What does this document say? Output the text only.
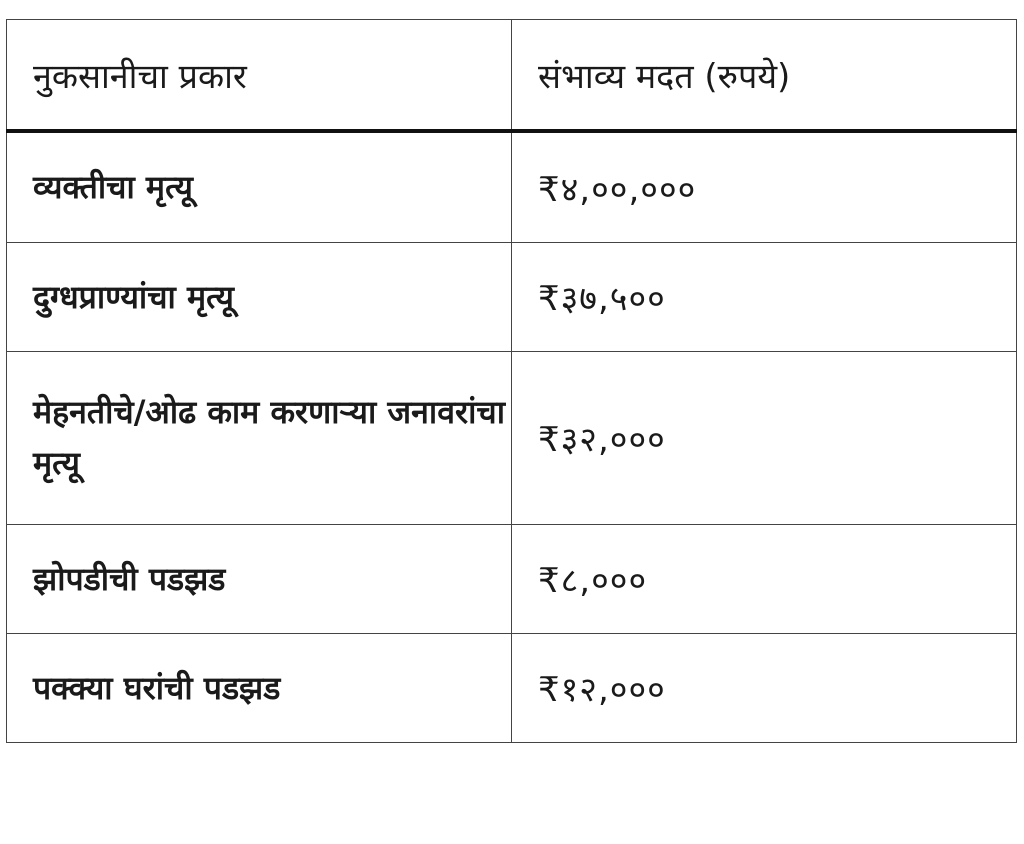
नुकसानीचा प्रकार	संभाव्य मदत (रुपये)
व्यक्तीचा मृत्यू	₹४,००,०००
दुग्धप्राण्यांचा मृत्यू	₹३७,५००
मेहनतीचे/ओढ काम करणाऱ्या जनावरांचा मृत्यू	₹३२,०००
झोपडीची पडझड	₹८,०००
पक्क्या घरांची पडझड	₹१२,०००
